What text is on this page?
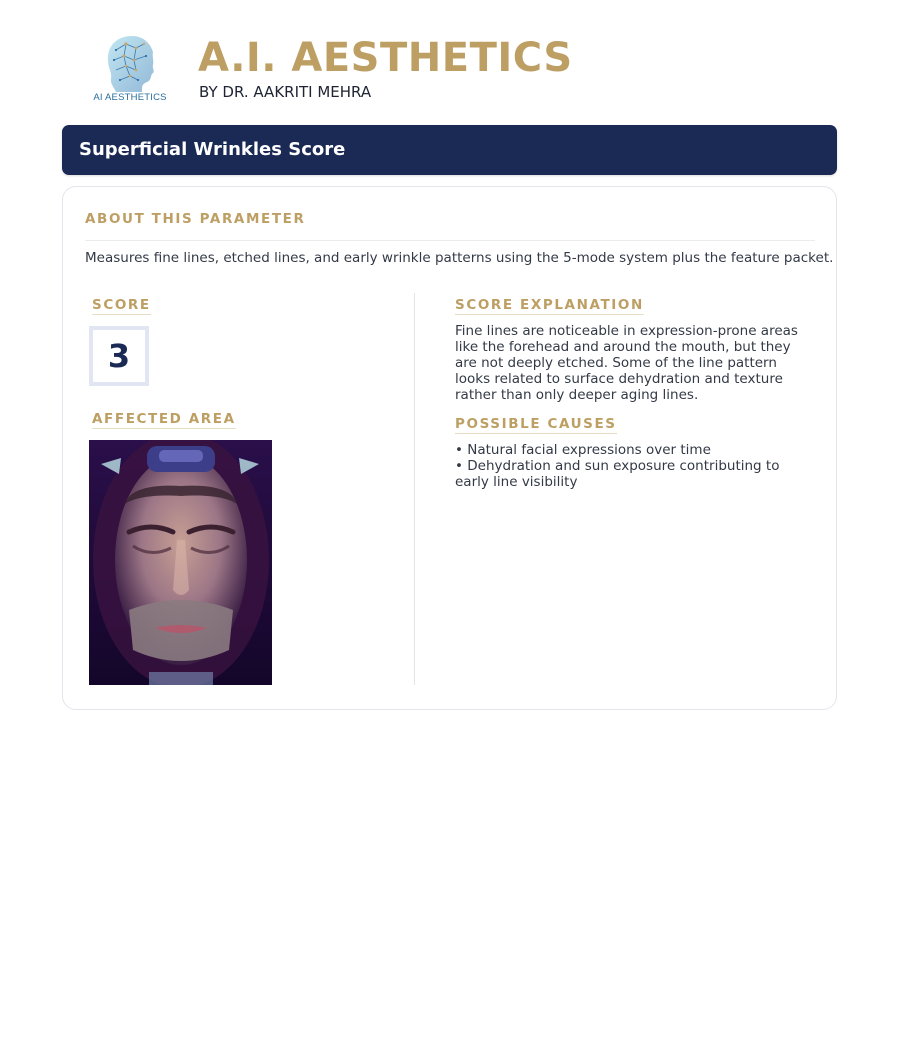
AI AESTHETICS
A.I. AESTHETICS
BY DR. AAKRITI MEHRA
Superficial Wrinkles Score
ABOUT THIS PARAMETER
Measures fine lines, etched lines, and early wrinkle patterns using the 5-mode system plus the feature packet.
SCORE
3
AFFECTED AREA
SCORE EXPLANATION
Fine lines are noticeable in expression-prone areas like the forehead and around the mouth, but they are not deeply etched. Some of the line pattern looks related to surface dehydration and texture rather than only deeper aging lines.
POSSIBLE CAUSES
• Natural facial expressions over time
• Dehydration and sun exposure contributing to early line visibility
